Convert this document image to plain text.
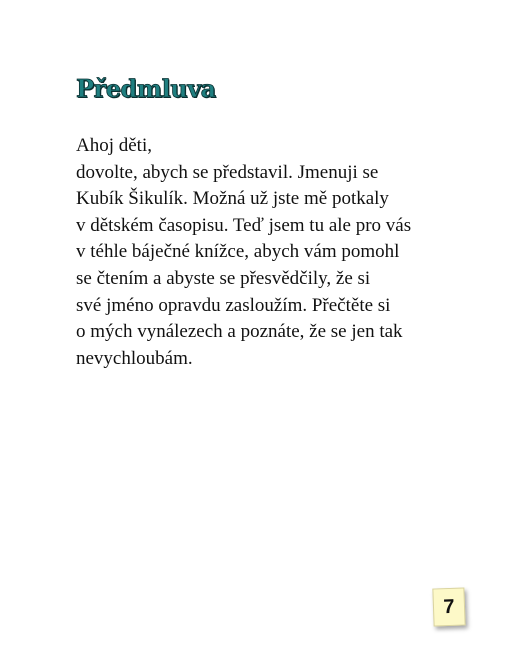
Předmluva
Ahoj děti,
dovolte, abych se představil. Jmenuji se
Kubík Šikulík. Možná už jste mě potkaly
v dětském časopisu. Teď jsem tu ale pro vás
v téhle báječné knížce, abych vám pomohl
se čtením a abyste se přesvědčily, že si
své jméno opravdu zasloužím. Přečtěte si
o mých vynálezech a poznáte, že se jen tak
nevychloubám.
7
